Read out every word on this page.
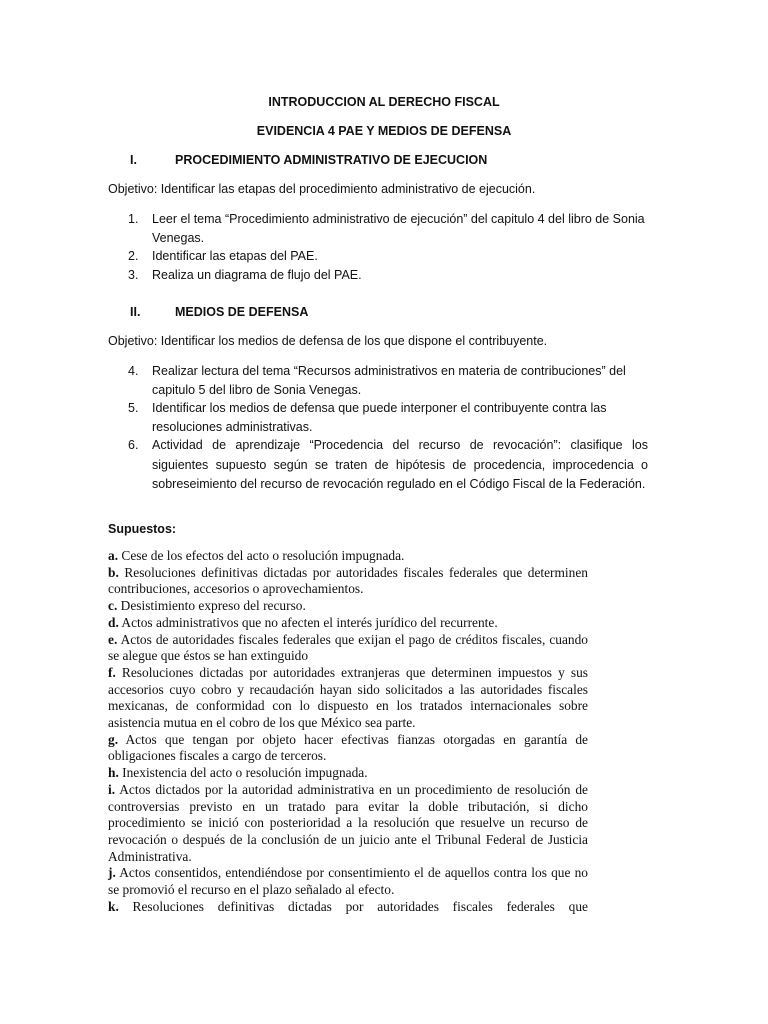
INTRODUCCION AL DERECHO FISCAL
EVIDENCIA 4 PAE Y MEDIOS DE DEFENSA
I.	PROCEDIMIENTO ADMINISTRATIVO DE EJECUCION
Objetivo: Identificar las etapas del procedimiento administrativo de ejecución.
1. Leer el tema “Procedimiento administrativo de ejecución” del capitulo 4 del libro de Sonia Venegas.
2. Identificar las etapas del PAE.
3. Realiza un diagrama de flujo del PAE.
II.	MEDIOS DE DEFENSA
Objetivo: Identificar los medios de defensa de los que dispone el contribuyente.
4. Realizar lectura del tema “Recursos administrativos en materia de contribuciones” del capitulo 5 del libro de Sonia Venegas.
5. Identificar los medios de defensa que puede interponer el contribuyente contra las resoluciones administrativas.
6. Actividad de aprendizaje “Procedencia del recurso de revocación”: clasifique los siguientes supuesto según se traten de hipótesis de procedencia, improcedencia o sobreseimiento del recurso de revocación regulado en el Código Fiscal de la Federación.
Supuestos:
a. Cese de los efectos del acto o resolución impugnada.
b. Resoluciones definitivas dictadas por autoridades fiscales federales que determinen contribuciones, accesorios o aprovechamientos.
c. Desistimiento expreso del recurso.
d. Actos administrativos que no afecten el interés jurídico del recurrente.
e. Actos de autoridades fiscales federales que exijan el pago de créditos fiscales, cuando se alegue que éstos se han extinguido
f. Resoluciones dictadas por autoridades extranjeras que determinen impuestos y sus accesorios cuyo cobro y recaudación hayan sido solicitados a las autoridades fiscales mexicanas, de conformidad con lo dispuesto en los tratados internacionales sobre asistencia mutua en el cobro de los que México sea parte.
g. Actos que tengan por objeto hacer efectivas fianzas otorgadas en garantía de obligaciones fiscales a cargo de terceros.
h. Inexistencia del acto o resolución impugnada.
i. Actos dictados por la autoridad administrativa en un procedimiento de resolución de controversias previsto en un tratado para evitar la doble tributación, si dicho procedimiento se inició con posterioridad a la resolución que resuelve un recurso de revocación o después de la conclusión de un juicio ante el Tribunal Federal de Justicia Administrativa.
j. Actos consentidos, entendiéndose por consentimiento el de aquellos contra los que no se promovió el recurso en el plazo señalado al efecto.
k. Resoluciones definitivas dictadas por autoridades fiscales federales que
